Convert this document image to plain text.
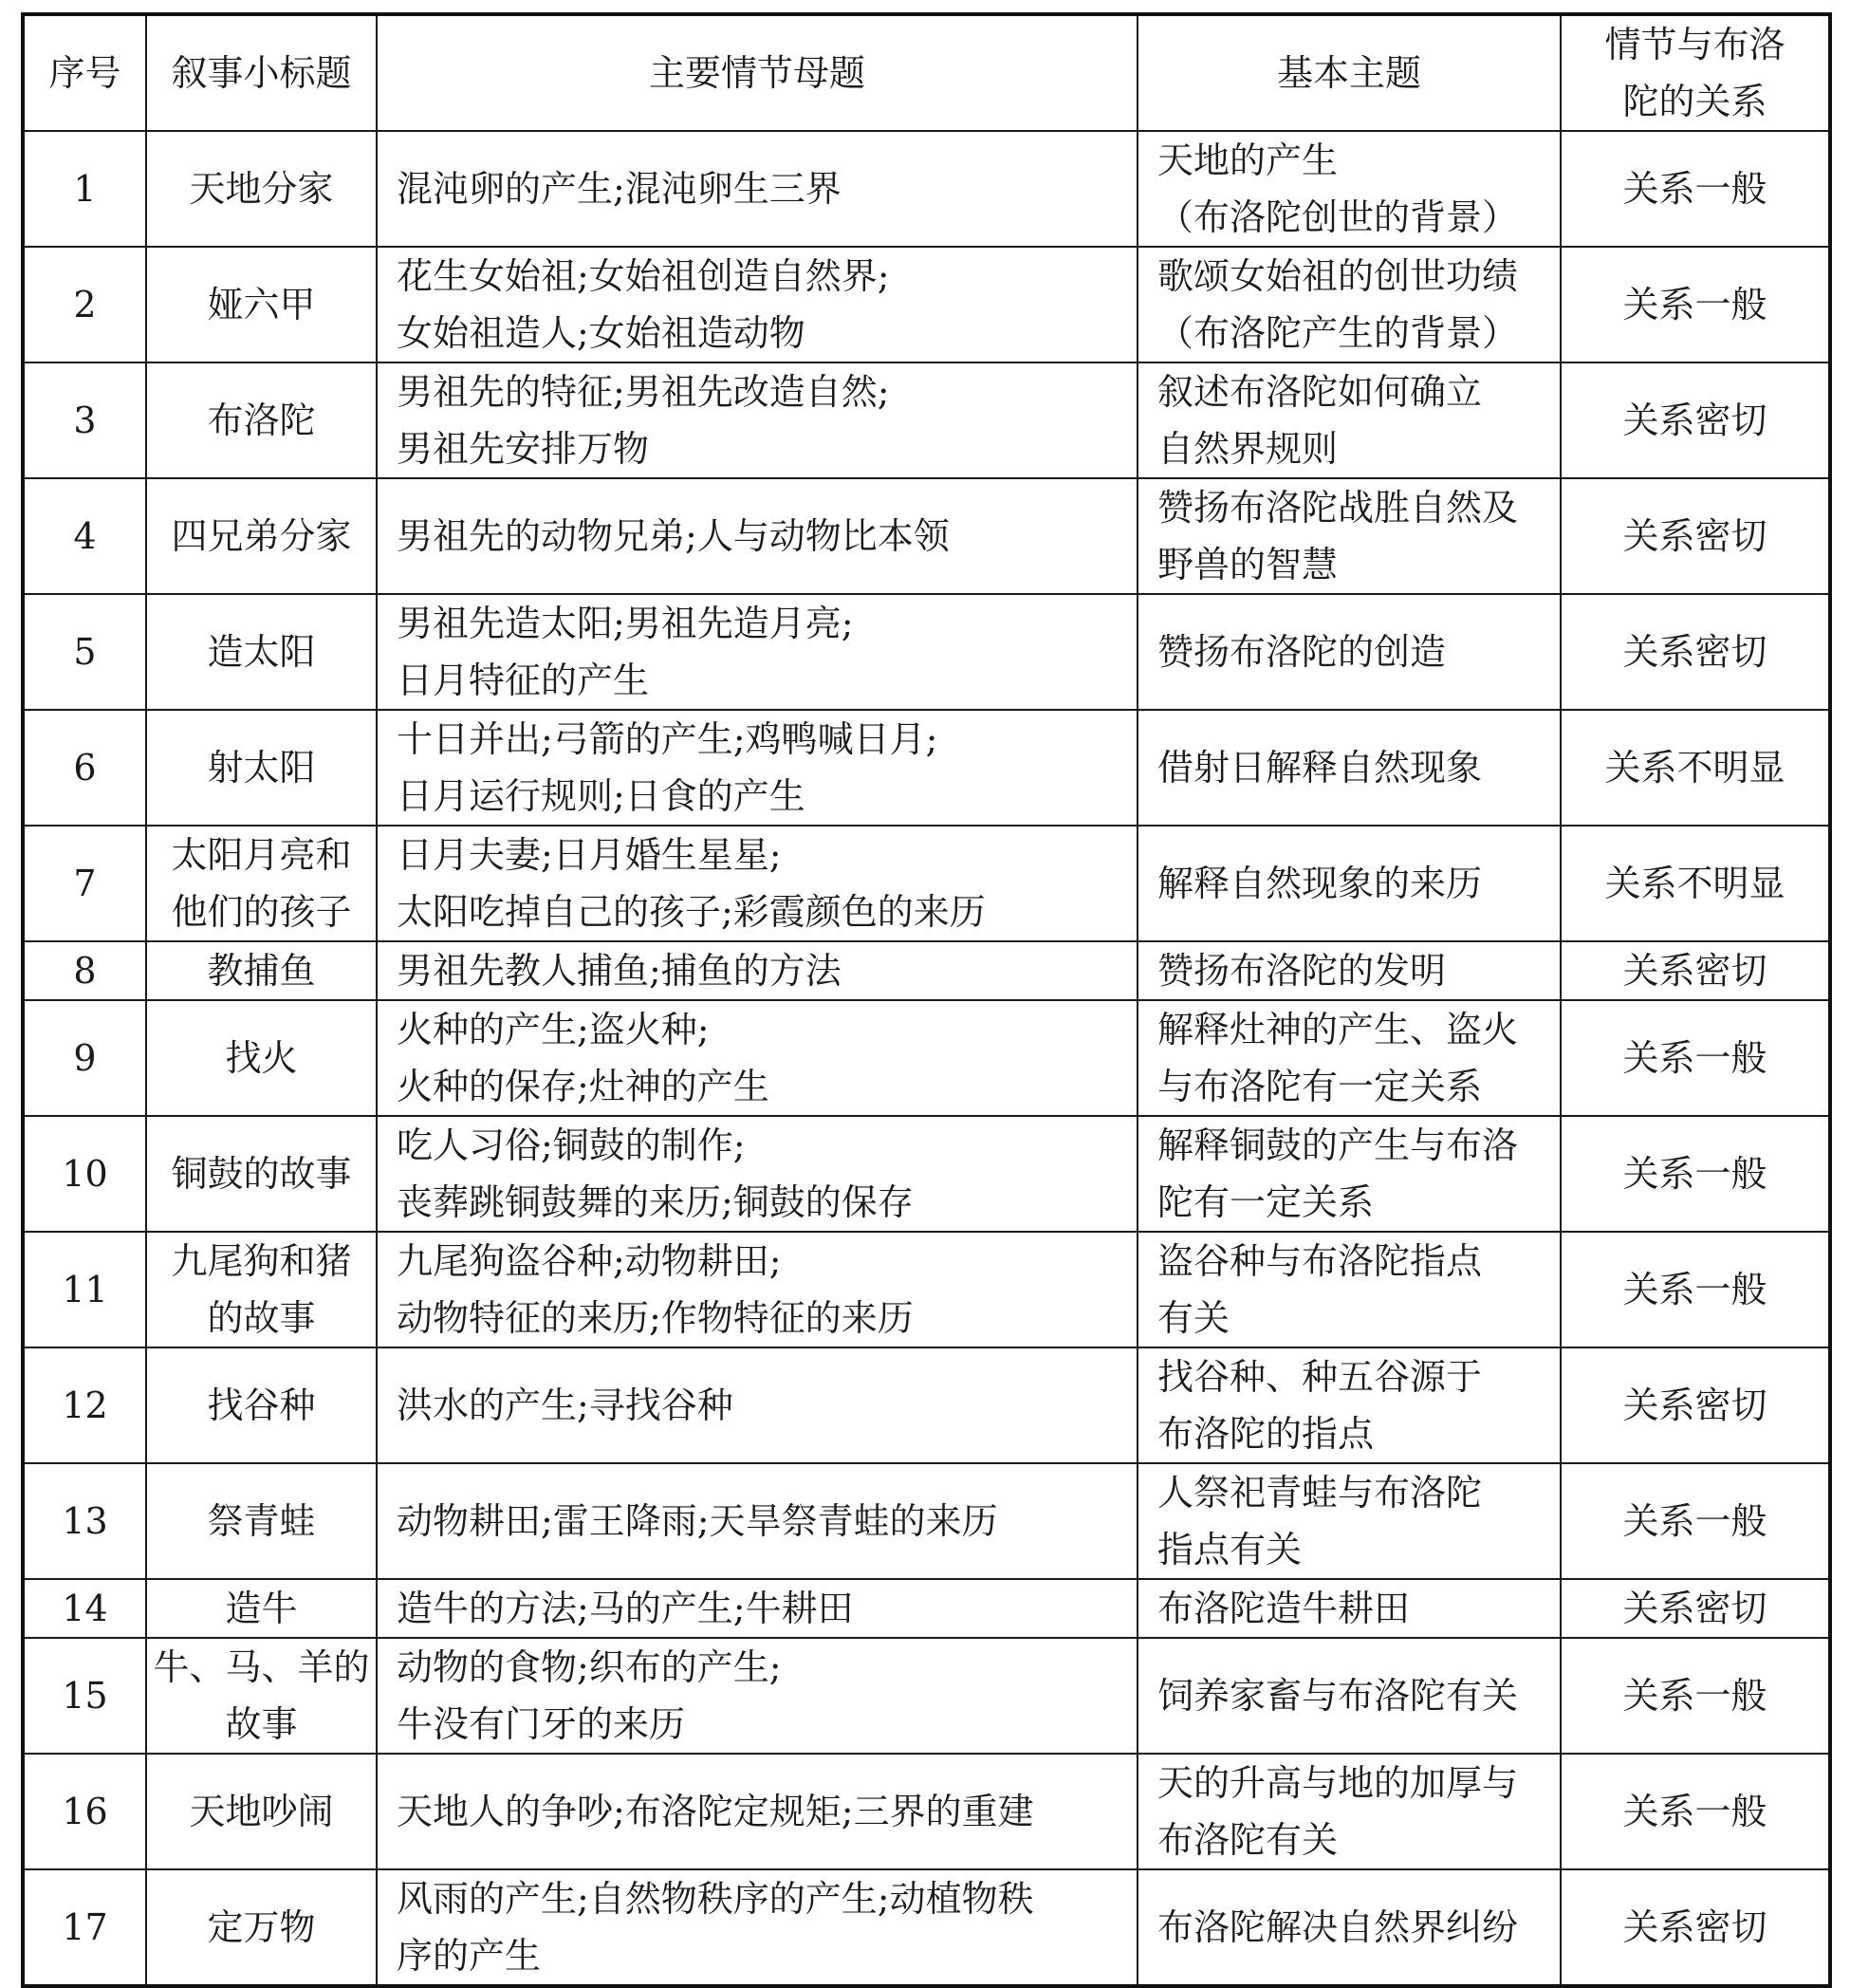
序号	叙事小标题	主要情节母题	基本主题	情节与布洛
陀的关系

1	天地分家	混沌卵的产生;混沌卵生三界	天地的产生
（布洛陀创世的背景）	关系一般
2	娅六甲	花生女始祖;女始祖创造自然界;
女始祖造人;女始祖造动物	歌颂女始祖的创世功绩
（布洛陀产生的背景）	关系一般
3	布洛陀	男祖先的特征;男祖先改造自然;
男祖先安排万物	叙述布洛陀如何确立
自然界规则	关系密切
4	四兄弟分家	男祖先的动物兄弟;人与动物比本领	赞扬布洛陀战胜自然及
野兽的智慧	关系密切
5	造太阳	男祖先造太阳;男祖先造月亮;
日月特征的产生	赞扬布洛陀的创造	关系密切
6	射太阳	十日并出;弓箭的产生;鸡鸭喊日月;
日月运行规则;日食的产生	借射日解释自然现象	关系不明显
7	太阳月亮和
他们的孩子	日月夫妻;日月婚生星星;
太阳吃掉自己的孩子;彩霞颜色的来历	解释自然现象的来历	关系不明显
8	教捕鱼	男祖先教人捕鱼;捕鱼的方法	赞扬布洛陀的发明	关系密切
9	找火	火种的产生;盗火种;
火种的保存;灶神的产生	解释灶神的产生、盗火
与布洛陀有一定关系	关系一般
10	铜鼓的故事	吃人习俗;铜鼓的制作;
丧葬跳铜鼓舞的来历;铜鼓的保存	解释铜鼓的产生与布洛
陀有一定关系	关系一般
11	九尾狗和猪
的故事	九尾狗盗谷种;动物耕田;
动物特征的来历;作物特征的来历	盗谷种与布洛陀指点
有关	关系一般
12	找谷种	洪水的产生;寻找谷种	找谷种、种五谷源于
布洛陀的指点	关系密切
13	祭青蛙	动物耕田;雷王降雨;天旱祭青蛙的来历	人祭祀青蛙与布洛陀
指点有关	关系一般
14	造牛	造牛的方法;马的产生;牛耕田	布洛陀造牛耕田	关系密切
15	牛、马、羊的
故事	动物的食物;织布的产生;
牛没有门牙的来历	饲养家畜与布洛陀有关	关系一般
16	天地吵闹	天地人的争吵;布洛陀定规矩;三界的重建	天的升高与地的加厚与
布洛陀有关	关系一般
17	定万物	风雨的产生;自然物秩序的产生;动植物秩
序的产生	布洛陀解决自然界纠纷	关系密切
